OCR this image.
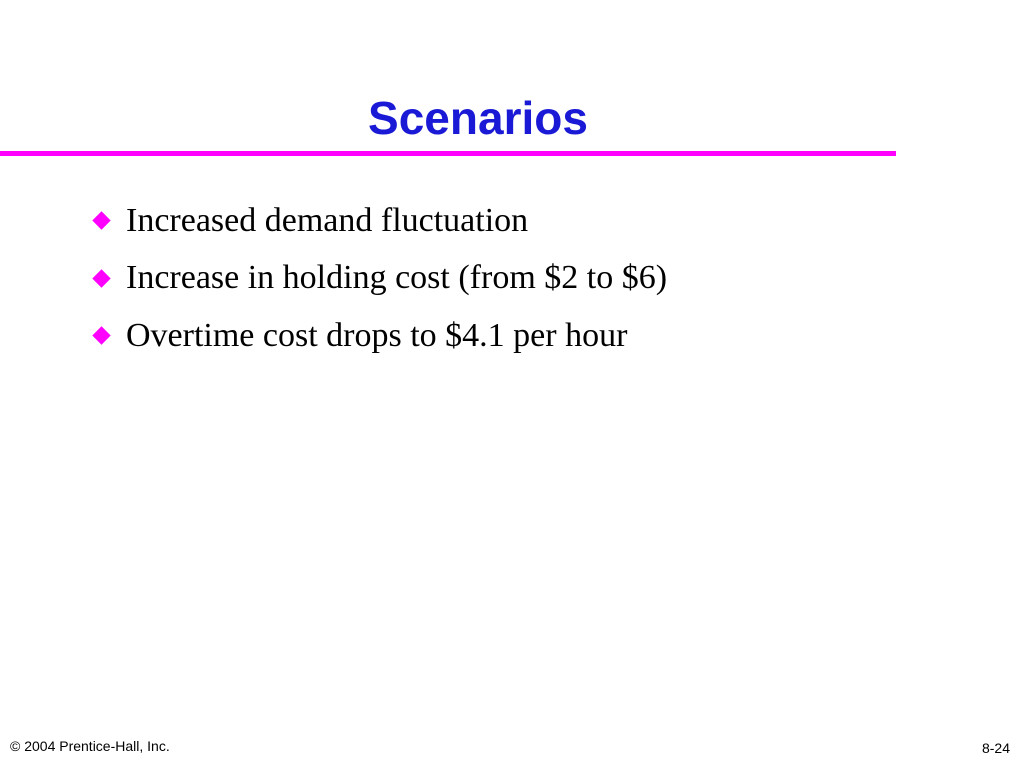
Scenarios
Increased demand fluctuation
Increase in holding cost (from $2 to $6)
Overtime cost drops to $4.1 per hour
© 2004 Prentice-Hall, Inc.	8-24
